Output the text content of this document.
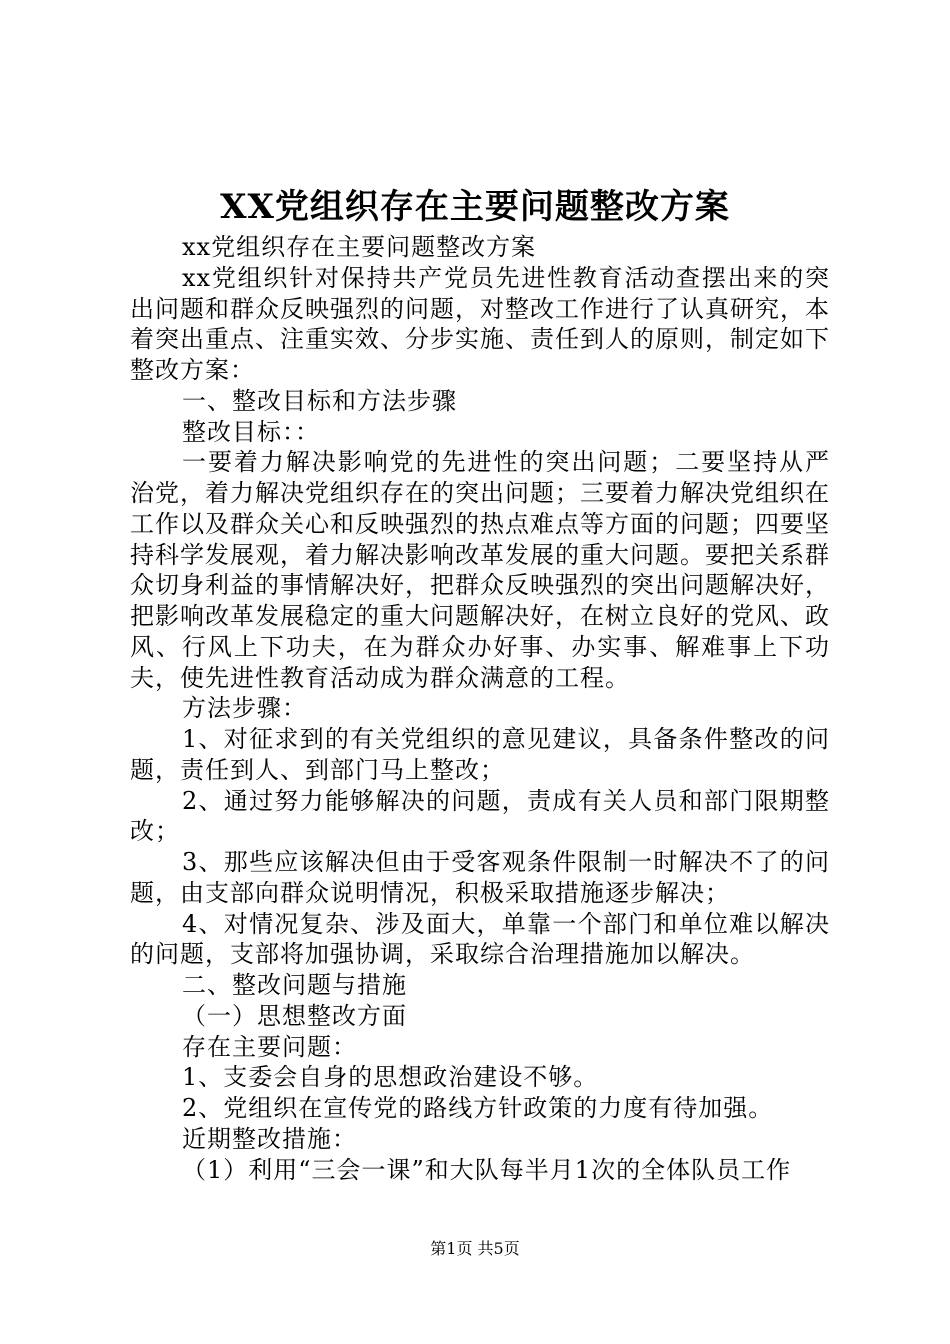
XX党组织存在主要问题整改方案

xx党组织存在主要问题整改方案

xx党组织针对保持共产党员先进性教育活动查摆出来的突出问题和群众反映强烈的问题，对整改工作进行了认真研究，本着突出重点、注重实效、分步实施、责任到人的原则，制定如下整改方案：

一、整改目标和方法步骤

整改目标：：

一要着力解决影响党的先进性的突出问题；二要坚持从严治党，着力解决党组织存在的突出问题；三要着力解决党组织在工作以及群众关心和反映强烈的热点难点等方面的问题；四要坚持科学发展观，着力解决影响改革发展的重大问题。要把关系群众切身利益的事情解决好，把群众反映强烈的突出问题解决好，把影响改革发展稳定的重大问题解决好，在树立良好的党风、政风、行风上下功夫，在为群众办好事、办实事、解难事上下功夫，使先进性教育活动成为群众满意的工程。

方法步骤：

1、对征求到的有关党组织的意见建议，具备条件整改的问题，责任到人、到部门马上整改；

2、通过努力能够解决的问题，责成有关人员和部门限期整改；

3、那些应该解决但由于受客观条件限制一时解决不了的问题，由支部向群众说明情况，积极采取措施逐步解决；

4、对情况复杂、涉及面大，单靠一个部门和单位难以解决的问题，支部将加强协调，采取综合治理措施加以解决。

二、整改问题与措施

（一）思想整改方面

存在主要问题：

1、支委会自身的思想政治建设不够。

2、党组织在宣传党的路线方针政策的力度有待加强。

近期整改措施：

（1）利用“三会一课”和大队每半月1次的全体队员工作

第1页 共5页
